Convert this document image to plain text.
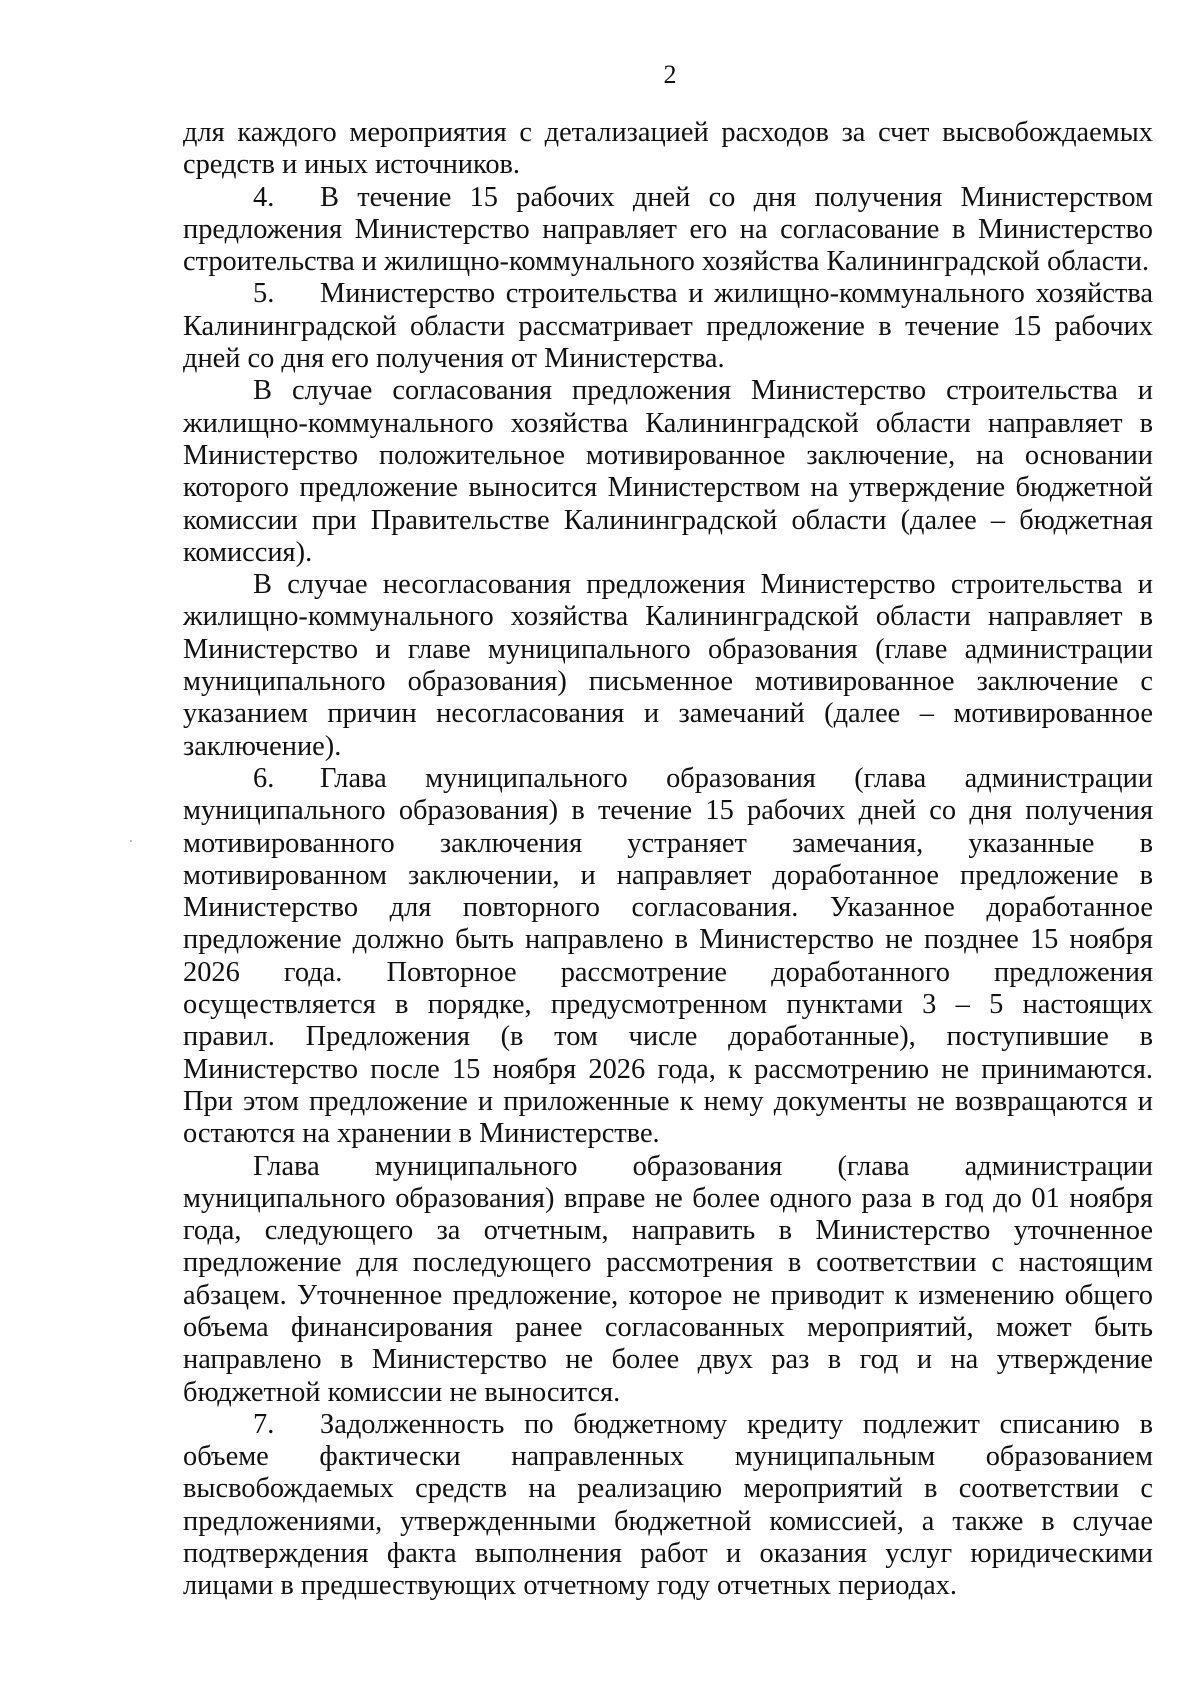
2

для каждого мероприятия с детализацией расходов за счет высвобождаемых средств и иных источников.

4. В течение 15 рабочих дней со дня получения Министерством предложения Министерство направляет его на согласование в Министерство строительства и жилищно-коммунального хозяйства Калининградской области.

5. Министерство строительства и жилищно-коммунального хозяйства Калининградской области рассматривает предложение в течение 15 рабочих дней со дня его получения от Министерства.

В случае согласования предложения Министерство строительства и жилищно-коммунального хозяйства Калининградской области направляет в Министерство положительное мотивированное заключение, на основании которого предложение выносится Министерством на утверждение бюджетной комиссии при Правительстве Калининградской области (далее – бюджетная комиссия).

В случае несогласования предложения Министерство строительства и жилищно-коммунального хозяйства Калининградской области направляет в Министерство и главе муниципального образования (главе администрации муниципального образования) письменное мотивированное заключение с указанием причин несогласования и замечаний (далее – мотивированное заключение).

6. Глава муниципального образования (глава администрации муниципального образования) в течение 15 рабочих дней со дня получения мотивированного заключения устраняет замечания, указанные в мотивированном заключении, и направляет доработанное предложение в Министерство для повторного согласования. Указанное доработанное предложение должно быть направлено в Министерство не позднее 15 ноября 2026 года. Повторное рассмотрение доработанного предложения осуществляется в порядке, предусмотренном пунктами 3 – 5 настоящих правил. Предложения (в том числе доработанные), поступившие в Министерство после 15 ноября 2026 года, к рассмотрению не принимаются. При этом предложение и приложенные к нему документы не возвращаются и остаются на хранении в Министерстве.

Глава муниципального образования (глава администрации муниципального образования) вправе не более одного раза в год до 01 ноября года, следующего за отчетным, направить в Министерство уточненное предложение для последующего рассмотрения в соответствии с настоящим абзацем. Уточненное предложение, которое не приводит к изменению общего объема финансирования ранее согласованных мероприятий, может быть направлено в Министерство не более двух раз в год и на утверждение бюджетной комиссии не выносится.

7. Задолженность по бюджетному кредиту подлежит списанию в объеме фактически направленных муниципальным образованием высвобождаемых средств на реализацию мероприятий в соответствии с предложениями, утвержденными бюджетной комиссией, а также в случае подтверждения факта выполнения работ и оказания услуг юридическими лицами в предшествующих отчетному году отчетных периодах.
